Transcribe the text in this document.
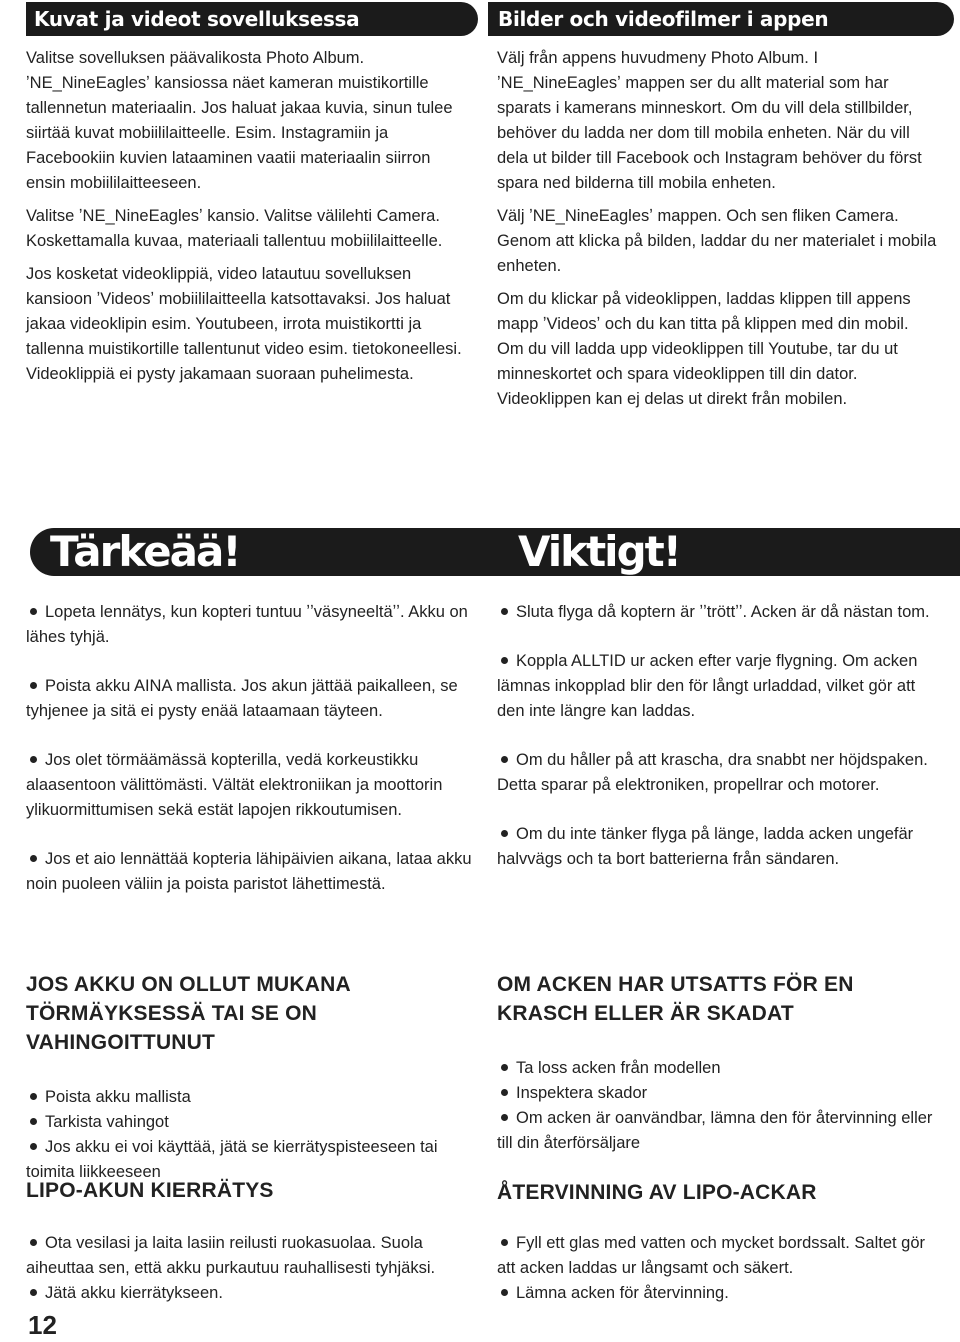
Kuvat ja videot sovelluksessa	Bilder och videofilmer i appen

Valitse sovelluksen päävalikosta Photo Album. ʼNE_NineEaglesʼ kansiossa näet kameran muistikortille tallennetun materiaalin. Jos haluat jakaa kuvia, sinun tulee siirtää kuvat mobiililaitteelle. Esim. Instagramiin ja Facebookiin kuvien lataaminen vaatii materiaalin siirron ensin mobiililaitteeseen.

Valitse ʼNE_NineEaglesʼ kansio. Valitse välilehti Camera. Koskettamalla kuvaa, materiaali tallentuu mobiililaitteelle.

Jos kosketat videoklippiä, video latautuu sovelluksen kansioon ʼVideosʼ mobiililaitteella katsottavaksi. Jos haluat jakaa videoklipin esim. Youtubeen, irrota muistikortti ja tallenna muistikortille tallentunut video esim. tietokoneellesi. Videoklippiä ei pysty jakamaan suoraan puhelimesta.

Välj från appens huvudmeny Photo Album. I ʼNE_NineEaglesʼ mappen ser du allt material som har sparats i kamerans minneskort. Om du vill dela stillbilder, behöver du ladda ner dom till mobila enheten. När du vill dela ut bilder till Facebook och Instagram behöver du först spara ned bilderna till mobila enheten.

Välj ʼNE_NineEaglesʼ mappen. Och sen fliken Camera. Genom att klicka på bilden, laddar du ner materialet i mobila enheten.

Om du klickar på videoklippen, laddas klippen till appens mapp ʼVideosʼ och du kan titta på klippen med din mobil. Om du vill ladda upp videoklippen till Youtube, tar du ut minneskortet och spara videoklippen till din dator. Videoklippen kan ej delas ut direkt från mobilen.

Tärkeää!	Viktigt!

Lopeta lennätys, kun kopteri tuntuu ʼʼväsyneeltäʼʼ. Akku on lähes tyhjä.

Poista akku AINA mallista. Jos akun jättää paikalleen, se tyhjenee ja sitä ei pysty enää lataamaan täyteen.

Jos olet törmäämässä kopterilla, vedä korkeustikku alaasentoon välittömästi. Vältät elektroniikan ja moottorin ylikuormittumisen sekä estät lapojen rikkoutumisen.

Jos et aio lennättää kopteria lähipäivien aikana, lataa akku noin puoleen väliin ja poista paristot lähettimestä.

Sluta flyga då koptern är ʼʼtröttʼʼ. Acken är då nästan tom.

Koppla ALLTID ur acken efter varje flygning. Om acken lämnas inkopplad blir den för långt urladdad, vilket gör att den inte längre kan laddas.

Om du håller på att krascha, dra snabbt ner höjdspaken. Detta sparar på elektroniken, propellrar och motorer.

Om du inte tänker flyga på länge, ladda acken ungefär halvvägs och ta bort batterierna från sändaren.

JOS AKKU ON OLLUT MUKANA TÖRMÄYKSESSÄ TAI SE ON VAHINGOITTUNUT

Poista akku mallista

Tarkista vahingot

Jos akku ei voi käyttää, jätä se kierrätyspisteeseen tai toimita liikkeeseen

OM ACKEN HAR UTSATTS FÖR EN KRASCH ELLER ÄR SKADAT

Ta loss acken från modellen

Inspektera skador

Om acken är oanvändbar, lämna den för återvinning eller till din återförsäljare

LIPO-AKUN KIERRÄTYS

Ota vesilasi ja laita lasiin reilusti ruokasuolaa. Suola aiheuttaa sen, että akku purkautuu rauhallisesti tyhjäksi.

Jätä akku kierrätykseen.

ÅTERVINNING AV LIPO-ACKAR

Fyll ett glas med vatten och mycket bordssalt. Saltet gör att acken laddas ur långsamt och säkert.

Lämna acken för återvinning.

12
